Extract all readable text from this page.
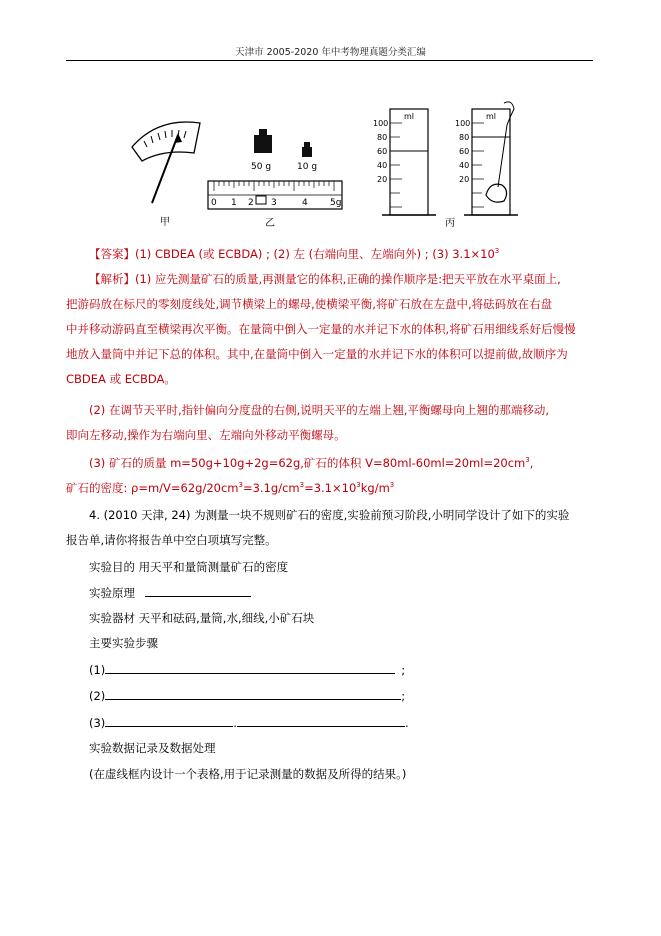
天津市 2005-2020 年中考物理真题分类汇编
甲
50 g	10 g
0 1 2 3	4 5g
乙
ml
100
80
60
40
20
ml
100
80
60
40
20
丙
【答案】(1) CBDEA (或 ECBDA) ; (2) 左 (右端向里、左端向外) ; (3) $3.1\times 10^3$
【解析】(1) 应先测量矿石的质量,再测量它的体积,正确的操作顺序是:把天平放在水平桌面上,
把游码放在标尺的零刻度线处,调节横梁上的螺母,使横梁平衡,将矿石放在左盘中,将砝码放在右盘
中并移动游码直至横梁再次平衡。在量筒中倒入一定量的水并记下水的体积,将矿石用细线系好后慢慢
地放入量筒中并记下总的体积。其中,在量筒中倒入一定量的水并记下水的体积可以提前做,故顺序为
CBDEA 或 ECBDA。
(2) 在调节天平时,指针偏向分度盘的右侧,说明天平的左端上翘,平衡螺母向上翘的那端移动,
即向左移动,操作为右端向里、左端向外移动平衡螺母。
(3) 矿石的质量 m=50g+10g+2g=62g,矿石的体积 $V=80ml-60ml=20ml=20cm^3$,
矿石的密度: $\rho=m/V=62g/20cm^3=3.1g/cm^3=3.1\times 10^3kg/m^3$
4. (2010 天津, 24) 为测量一块不规则矿石的密度,实验前预习阶段,小明同学设计了如下的实验
报告单,请你将报告单中空白项填写完整。
实验目的 用天平和量筒测量矿石的密度
实验原理
实验器材 天平和砝码,量筒,水,细线,小矿石块
主要实验步骤
(1)	;
(2)	;
(3)	.	.
实验数据记录及数据处理
(在虚线框内设计一个表格,用于记录测量的数据及所得的结果。)
